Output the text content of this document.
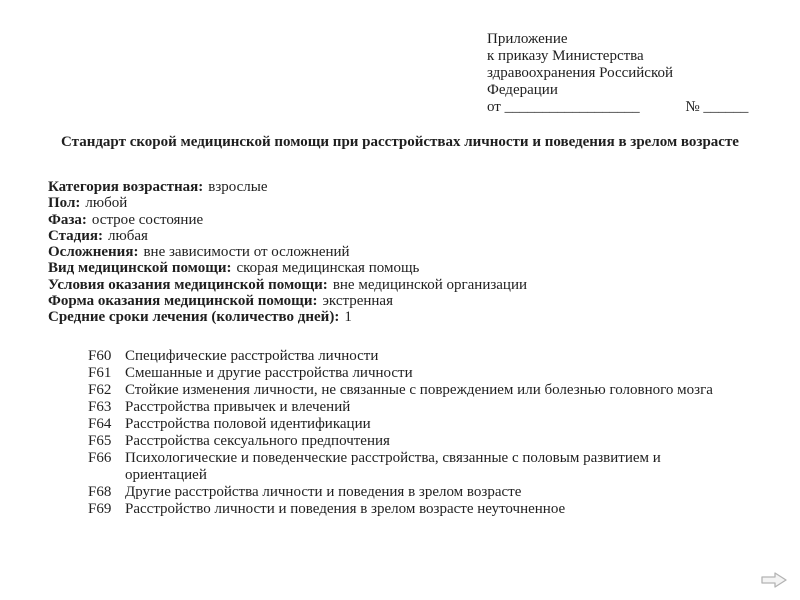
Приложение
к приказу Министерства
здравоохранения Российской
Федерации
от __________________	№ ______
Стандарт скорой медицинской помощи при расстройствах личности и поведения в зрелом возрасте
Категория возрастная: взрослые
Пол: любой
Фаза: острое состояние
Стадия: любая
Осложнения: вне зависимости от осложнений
Вид медицинской помощи: скорая медицинская помощь
Условия оказания медицинской помощи: вне медицинской организации
Форма оказания медицинской помощи: экстренная
Средние сроки лечения (количество дней): 1
F60 Специфические расстройства личности
F61 Смешанные и другие расстройства личности
F62 Стойкие изменения личности, не связанные с повреждением или болезнью головного мозга
F63 Расстройства привычек и влечений
F64 Расстройства половой идентификации
F65 Расстройства сексуального предпочтения
F66 Психологические и поведенческие расстройства, связанные с половым развитием и ориентацией
F68 Другие расстройства личности и поведения в зрелом возрасте
F69 Расстройство личности и поведения в зрелом возрасте неуточненное
